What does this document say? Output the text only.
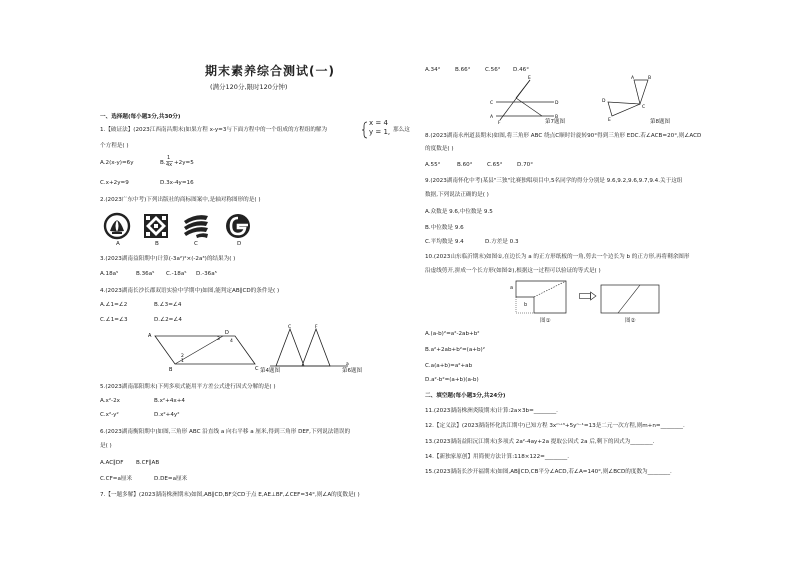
期末素养综合测试(一)
(满分120分,限时120分钟)
一、选择题(每小题3分,共30分)
1.【破证法】(2023江西南昌期末)如果方程 x-y=3与下面方程中的一个组成的方程组的解为
x = 4
y = 1, 那么这
个方程是( )
A.2(x-y)=6y	B.
1
4x +2y=5
C.x+2y=9	D.3x-4y=16
2.(2023广东中考)下列出版社的商标图案中,是轴对称图形的是( )
A	B	C	D
3.(2023湖南益阳期中)计算(-3a²)²×(-2a³)的结果为( )
A.18a⁵	B.36a⁵ C.-18a⁵ D.-36a⁵
4.(2023湖南长沙长郡双语实验中学期中)如图,能判定AB∥CD的条件是( )
A.∠1=∠2	B.∠3=∠4
C.∠1=∠3	D.∠2=∠4
A
B	C
D
1
2
3 4
第4题图
C	F
a
第6题图
5.(2023湖南邵阳期末)下列多项式能用平方差公式进行因式分解的是( )
A.x²-2x	B.x²+4x+4
C.x²-y²	D.x²+4y²
6.(2023湖南衡阳期中)如图,三角形 ABC 沿直线 a 向右平移 a 厘米,得到三角形 DEF,下列说法错误的
是( )
A.AC∥DF B.CF∥AB
C.CF=a厘米	D.DE=a厘米
7.【一题多解】(2023湖南株洲期末)如图,AB∥CD,BF交CD于点 E,AE⊥BF,∠CEF=34°,则∠A的度数是( )
A.34°	B.66°	C.56° D.46°
C	D
A	B
E
F	第7题图
A	B
C
D
E	第8题图
8.(2023湖南永州道县期末)如图,将三角形 ABC 绕点C顺时针旋转90°得到三角形 EDC.若∠ACB=20°,则∠ACD
的度数是( )
A.55°	B.60°	C.65°	D.70°
9.(2023湖南怀化中考)某县"三独"比赛独唱项目中,5名同学的得分分别是 9.6,9.2,9.6,9.7,9.4.关于这组
数据,下列说法正确的是( )
A.众数是 9.6,中位数是 9.5
B.中位数是 9.6
C.平均数是 9.4	D.方差是 0.3
10.(2023山东临沂期末)如图①,在边长为 a 的正方形纸板的一角,剪去一个边长为 b 的正方形,再将剩余图形
沿虚线剪开,拼成一个长方形(如图②),根据这一过程可以验证的等式是( )
a
b
图①	图②
A.(a-b)²=a²-2ab+b²
B.a²+2ab+b²=(a+b)²
C.a(a+b)=a²+ab
D.a²-b²=(a+b)(a-b)
二、填空题(每小题3分,共24分)
11.(2023湖南株洲炎陵期末)计算:2a×3b=________.
12.【定义法】(2023湖南怀化洪江期中)已知方程 3xᵐ⁺³+5yⁿ⁻¹=13是二元一次方程,则m+n=________.
13.(2023湖南益阳沅江期末)多项式 2a²-4ay+2a 提取公因式 2a 后,剩下的因式为________.
14.【新独家原创】用简便方法计算:118×122=________.
15.(2023湖南长沙开福期末)如图,AB∥CD,CB平分∠ACD,若∠A=140°,则∠BCD的度数为________.
